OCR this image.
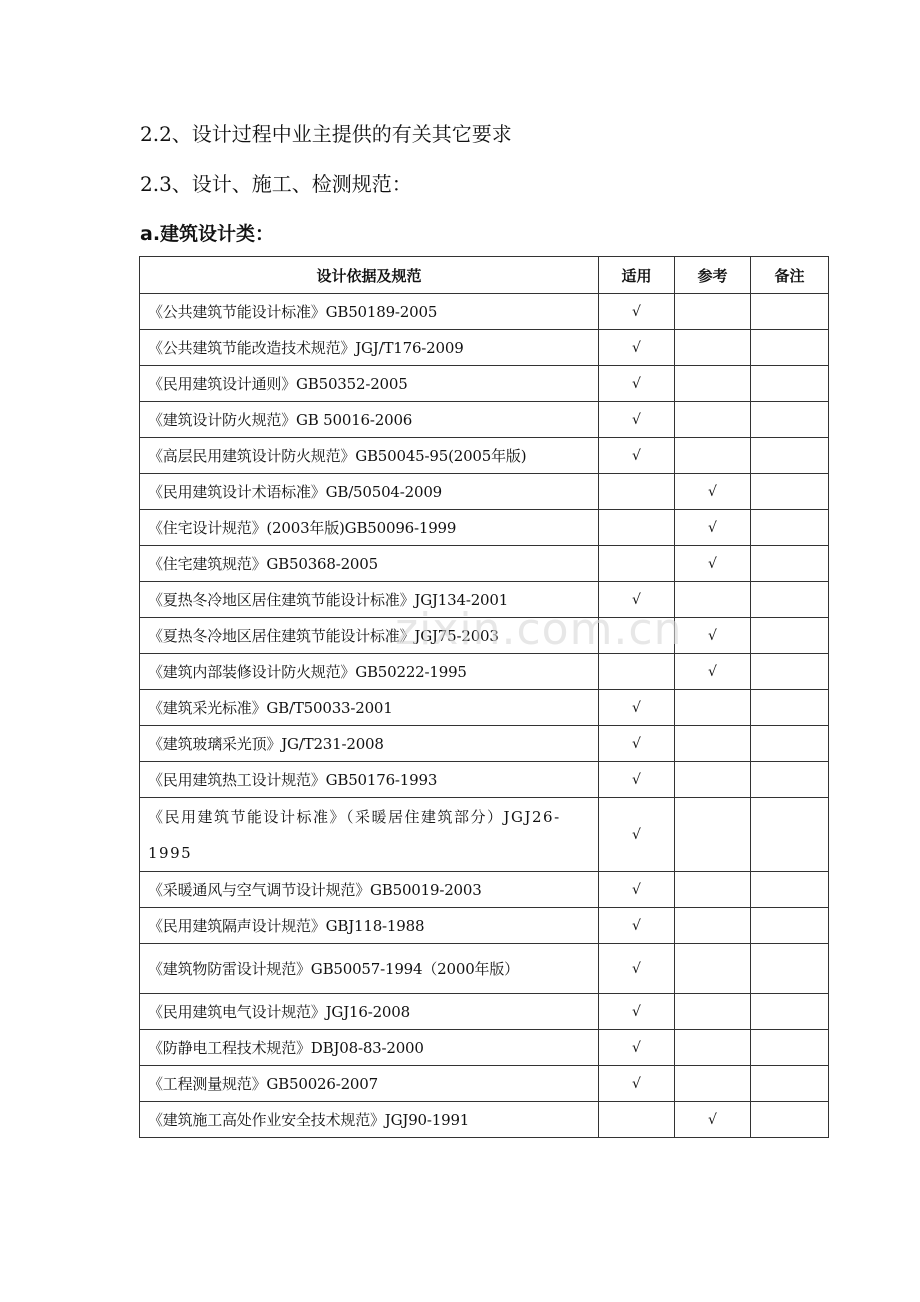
2.2、设计过程中业主提供的有关其它要求
2.3、设计、施工、检测规范：
a.建筑设计类：
设计依据及规范	适用	参考	备注
《公共建筑节能设计标准》GB50189-2005	√		
《公共建筑节能改造技术规范》JGJ/T176-2009	√		
《民用建筑设计通则》GB50352-2005	√		
《建筑设计防火规范》GB 50016-2006	√		
《高层民用建筑设计防火规范》GB50045-95(2005年版)	√		
《民用建筑设计术语标准》GB/50504-2009		√	
《住宅设计规范》(2003年版)GB50096-1999		√	
《住宅建筑规范》GB50368-2005		√	
《夏热冬冷地区居住建筑节能设计标准》JGJ134-2001	√		
《夏热冬冷地区居住建筑节能设计标准》JGJ75-2003		√	
《建筑内部装修设计防火规范》GB50222-1995		√	
《建筑采光标准》GB/T50033-2001	√		
《建筑玻璃采光顶》JG/T231-2008	√		
《民用建筑热工设计规范》GB50176-1993	√		
《民用建筑节能设计标准》（采暖居住建筑部分）JGJ26-1995	√		
《采暖通风与空气调节设计规范》GB50019-2003	√		
《民用建筑隔声设计规范》GBJ118-1988	√		
《建筑物防雷设计规范》GB50057-1994（2000年版）	√		
《民用建筑电气设计规范》JGJ16-2008	√		
《防静电工程技术规范》DBJ08-83-2000	√		
《工程测量规范》GB50026-2007	√		
《建筑施工高处作业安全技术规范》JGJ90-1991		√	
zixin.com.cn
